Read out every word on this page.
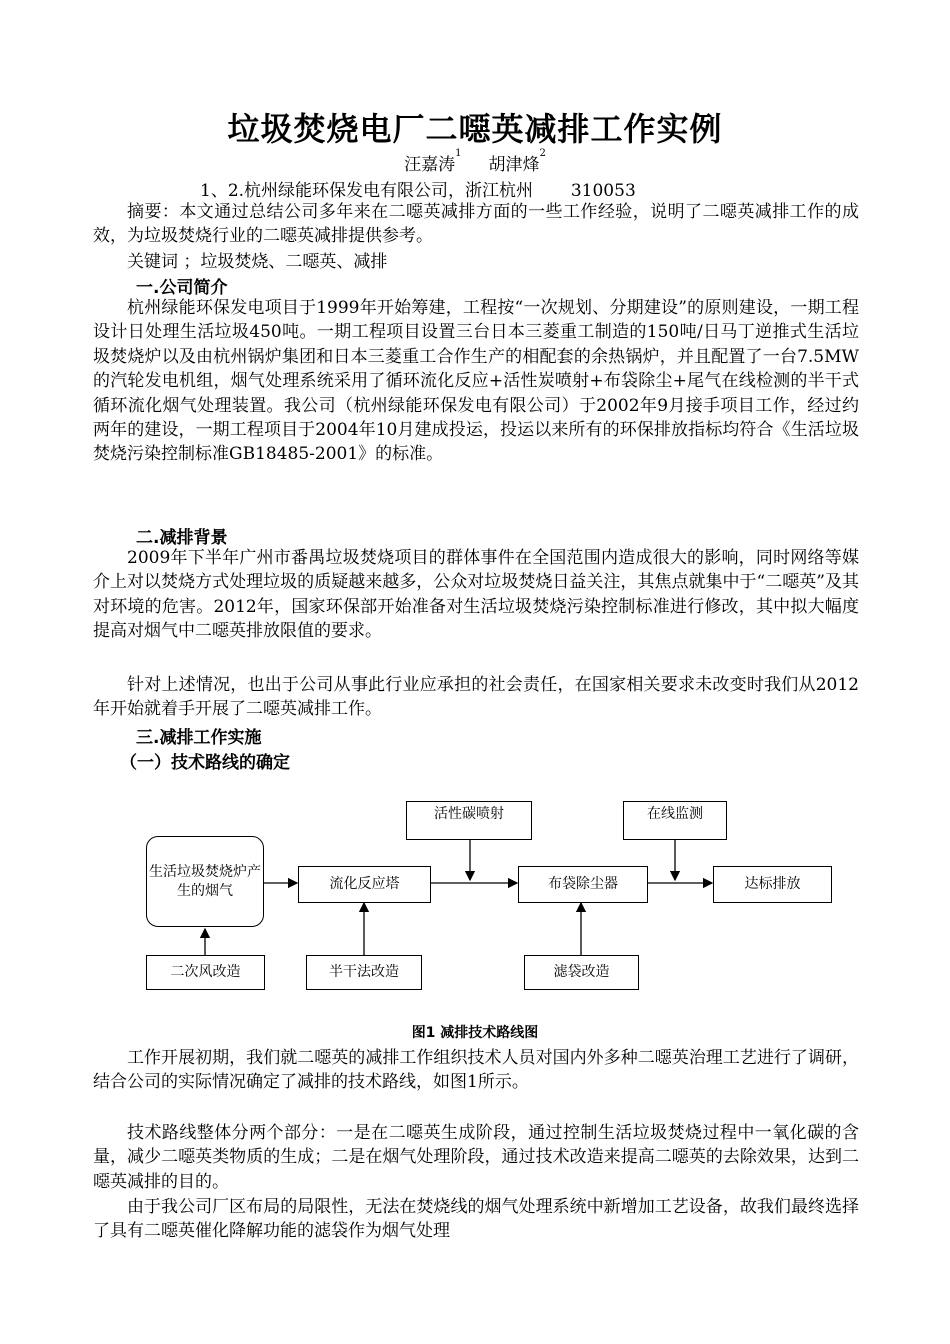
垃圾焚烧电厂二噁英减排工作实例
汪嘉涛$^1$     胡津烽$^2$
1、2.杭州绿能环保发电有限公司，浙江杭州       310053

摘要：本文通过总结公司多年来在二噁英减排方面的一些工作经验，说明了二噁英减排工作的成效，为垃圾焚烧行业的二噁英减排提供参考。

关键词 ；垃圾焚烧、二噁英、减排

一.公司简介

杭州绿能环保发电项目于1999年开始筹建，工程按“一次规划、分期建设”的原则建设，一期工程设计日处理生活垃圾450吨。一期工程项目设置三台日本三菱重工制造的150吨/日马丁逆推式生活垃圾焚烧炉以及由杭州锅炉集团和日本三菱重工合作生产的相配套的余热锅炉，并且配置了一台7.5MW的汽轮发电机组，烟气处理系统采用了循环流化反应+活性炭喷射+布袋除尘+尾气在线检测的半干式循环流化烟气处理装置。我公司（杭州绿能环保发电有限公司）于2002年9月接手项目工作，经过约两年的建设，一期工程项目于2004年10月建成投运，投运以来所有的环保排放指标均符合《生活垃圾焚烧污染控制标准GB18485-2001》的标准。

二.减排背景

2009年下半年广州市番禺垃圾焚烧项目的群体事件在全国范围内造成很大的影响，同时网络等媒介上对以焚烧方式处理垃圾的质疑越来越多，公众对垃圾焚烧日益关注，其焦点就集中于“二噁英”及其对环境的危害。2012年，国家环保部开始准备对生活垃圾焚烧污染控制标准进行修改，其中拟大幅度提高对烟气中二噁英排放限值的要求。

针对上述情况，也出于公司从事此行业应承担的社会责任，在国家相关要求未改变时我们从2012年开始就着手开展了二噁英减排工作。

三.减排工作实施

（一）技术路线的确定

生活垃圾焚烧炉产生的烟气	流化反应塔
活性碳喷射
布袋除尘器
在线监测
达标排放
二次风改造	半干法改造	滤袋改造
图1 减排技术路线图

工作开展初期，我们就二噁英的减排工作组织技术人员对国内外多种二噁英治理工艺进行了调研，结合公司的实际情况确定了减排的技术路线，如图1所示。

技术路线整体分两个部分：一是在二噁英生成阶段，通过控制生活垃圾焚烧过程中一氧化碳的含量，减少二噁英类物质的生成；二是在烟气处理阶段，通过技术改造来提高二噁英的去除效果，达到二噁英减排的目的。

由于我公司厂区布局的局限性，无法在焚烧线的烟气处理系统中新增加工艺设备，故我们最终选择了具有二噁英催化降解功能的滤袋作为烟气处理
